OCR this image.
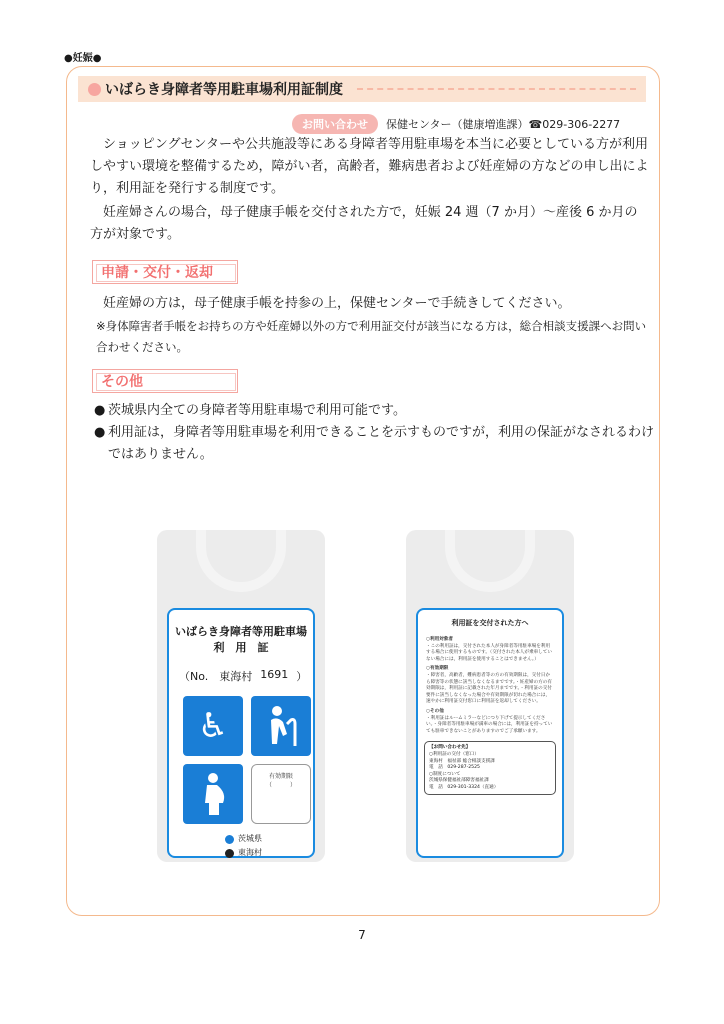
●妊娠●
いばらき身障者等用駐車場利用証制度
お問い合わせ	保健センター（健康増進課）☎029-306-2277

ショッピングセンターや公共施設等にある身障者等用駐車場を本当に必要としている方が利用しやすい環境を整備するため，障がい者，高齢者，難病患者および妊産婦の方などの申し出により，利用証を発行する制度です。

妊産婦さんの場合，母子健康手帳を交付された方で，妊娠 24 週（7 か月）〜産後 6 か月の方が対象です。

申請・交付・返却

妊産婦の方は，母子健康手帳を持参の上，保健センターで手続きしてください。

※身体障害者手帳をお持ちの方や妊産婦以外の方で利用証交付が該当になる方は，総合相談支援課へお問い合わせください。

その他
● 茨城県内全ての身障者等用駐車場で利用可能です。
● 利用証は，身障者等用駐車場を利用できることを示すものですが，利用の保証がなされるわけではありません。
いばらき身障者等用駐車場
利　用　証
（No.　東海村 1691 ）
♿
有効期限
（　　　）
茨城県
東海村
利用証を交付された方へ
○利用対象者
・この利用証は，交付された本人が身障者等用駐車場を利用する場合に使用するものです。（交付された本人が乗車していない場合には，利用証を使用することはできません。）
○有効期限
・障害者，高齢者，難病患者等の方の有効期限は，交付日から障害等の状態に該当しなくなるまでです。・妊産婦の方の有効期限は，利用証に記載された年月までです。・利用証の交付要件に該当しなくなった場合や有効期限が切れた場合には，速やかに利用証交付窓口に利用証を返却してください。
○その他
・利用証はルームミラーなどにつり下げて提示してください。・身障者等用駐車場が満車の場合には，利用証を持っていても駐車できないことがありますのでご了承願います。
【お問い合わせ先】
○利用証の交付（窓口）
東海村　福祉部 総合相談支援課
電　話　029-287-2525
○制度について
茨城県保健福祉部障害福祉課
電　話　029-301-3324（直通）
7
